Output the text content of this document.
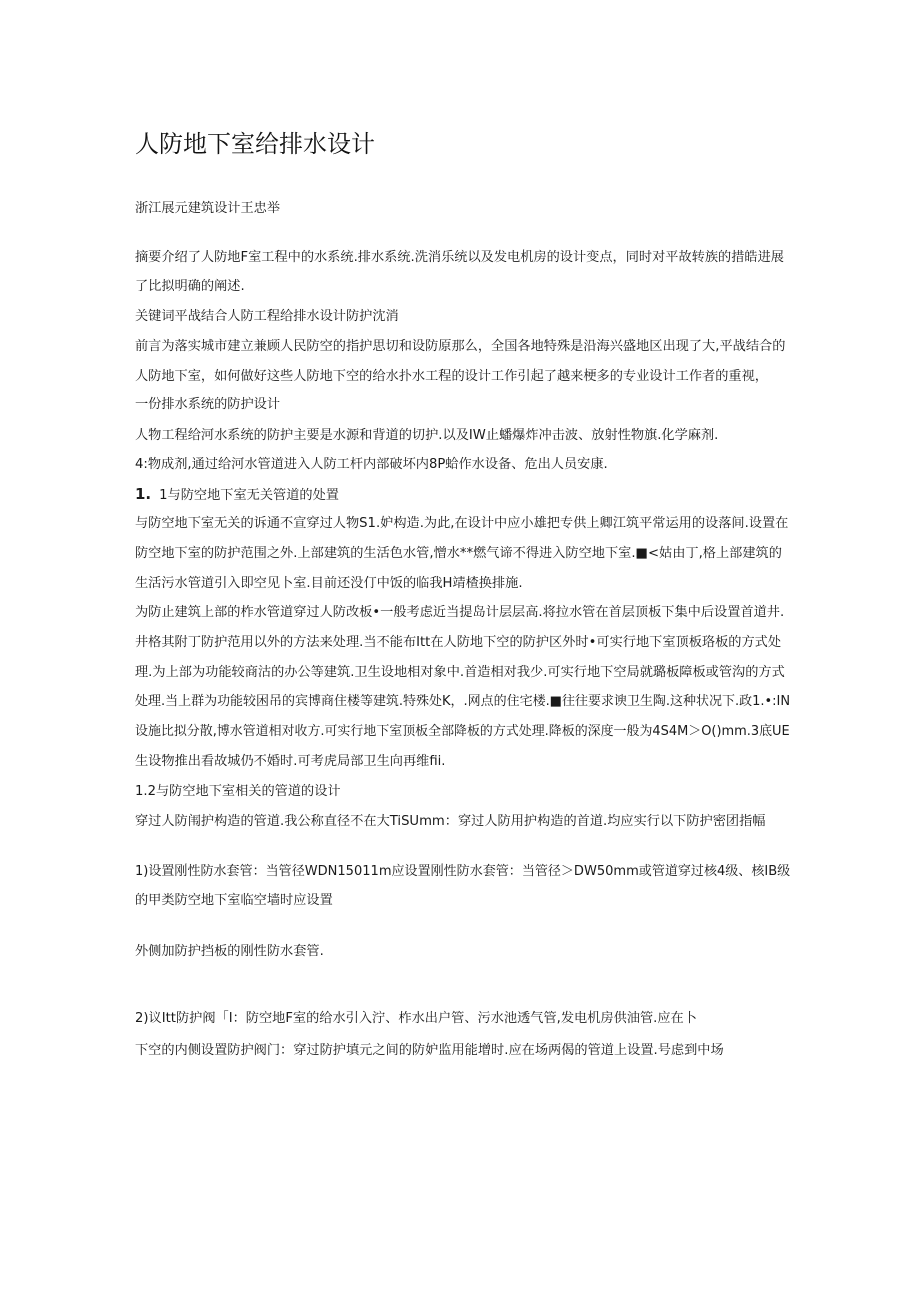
人防地下室给排水设计
浙江展元建筑设计王忠举
摘要介绍了人防地F室工程中的水系统.排水系统.洗消乐统以及发电机房的设计变点，同时对平故转族的措皓进展
了比拟明确的阐述.
关键词平战结合人防工程给排水设计防护沈消
前言为落实城市建立兼顾人民防空的指护思切和设防原那么，全国各地特殊是沿海兴盛地区出现了大,平战结合的
人防地下室，如何做好这些人防地下空的给水扑水工程的设计工作引起了越来梗多的专业设计工作者的重视，
一份排水系统的防护设计
人物工程给河水系统的防护主要是水源和背道的切护.以及IW止蟠爆炸冲击波、放射性物旗.化学麻剂.
4:物成剂,通过给河水管道进入人防工杆内部破坏内8P蛤作水设备、危出人员安康.
1. 1与防空地下室无关管道的处置
与防空地下室无关的诉通不宣穿过人物S1.妒构造.为此,在设计中应小雄把专供上卿江筑平常运用的设落间.设置在
防空地下室的防护范围之外.上部建筑的生活色水管,憎水**燃气谛不得进入防空地下室.■<姑由丁,格上部建筑的
生活污水管道引入即空见卜室.目前还没仃中饭的临我H靖楂换排施.
为防止建筑上部的柞水管道穿过人防改板•一般考虑近当提岛计层层高.将拉水管在首层顶板下集中后设置首道井.
井格其附丁防护范用以外的方法来处理.当不能布Itt在人防地下空的防护区外时•可实行地下室顶板珞板的方式处
理.为上部为功能较商沽的办公等建筑.卫生设地相对象中.首造相对我少.可实行地下空局就璐板障板或管沟的方式
处理.当上群为功能较困吊的宾博商住楼等建筑.特殊处K，.网点的住宅楼.■往往要求谀卫生陶.这种状况下.政1.•:IN
设施比拟分散,博水管道相对收方.可实行地下室顶板全部降板的方式处理.降板的深度一般为4S4M＞O()mm.3底UE
生设物推出看故城仍不婚时.可考虎局部卫生向再维fii.
1.2与防空地下室相关的管道的设计
穿过人防闱护构造的管道.我公称直径不在大TiSUmm：穿过人防用护构造的首道.均应实行以下防护密团指幅
1)设置刚性防水套管：当管径WDN15011m应设置刚性防水套管：当管径＞DW50mm或管道穿过核4级、核IB级
的甲类防空地下室临空墙时应设置
外侧加防护挡板的刚性防水套管.
2)议Itt防护阀「I：防空地F室的给水引入泞、柞水出户管、污水池透气管,发电机房供油管.应在卜
下空的内侧设置防护阀门：穿过防护填元之间的防妒监用能增时.应在场两偈的管道上设置.号虑到中场
